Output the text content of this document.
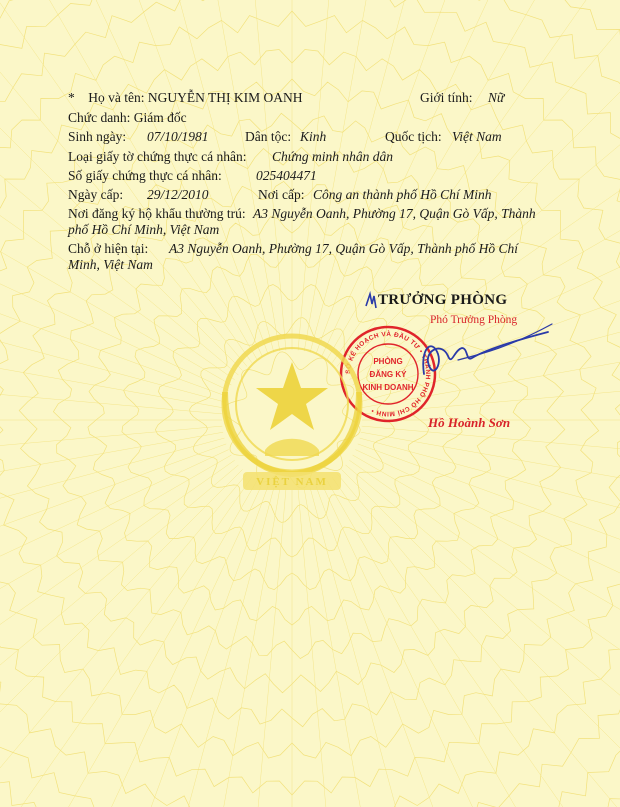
*    Họ và tên: NGUYỄN THỊ KIM OANH	Giới tính: Nữ
Chức danh: Giám đốc
Sinh ngày: 07/10/1981	Dân tộc: Kinh	Quốc tịch: Việt Nam
Loại giấy tờ chứng thực cá nhân: Chứng minh nhân dân
Số giấy chứng thực cá nhân:	025404471
Ngày cấp: 29/12/2010	Nơi cấp: Công an thành phố Hồ Chí Minh
Nơi đăng ký hộ khẩu thường trú: A3 Nguyễn Oanh, Phường 17, Quận Gò Vấp, Thành
phố Hồ Chí Minh, Việt Nam
Chỗ ở hiện tại: A3 Nguyễn Oanh, Phường 17, Quận Gò Vấp, Thành phố Hồ Chí
Minh, Việt Nam
TRƯỞNG PHÒNG
Phó Trưởng Phòng
SỞ KẾ HOẠCH VÀ ĐẦU TƯ • THÀNH PHỐ HỒ CHÍ MINH •
PHÒNG
ĐĂNG KÝ
KINH DOANH
Hồ Hoành Sơn
VIỆT NAM
